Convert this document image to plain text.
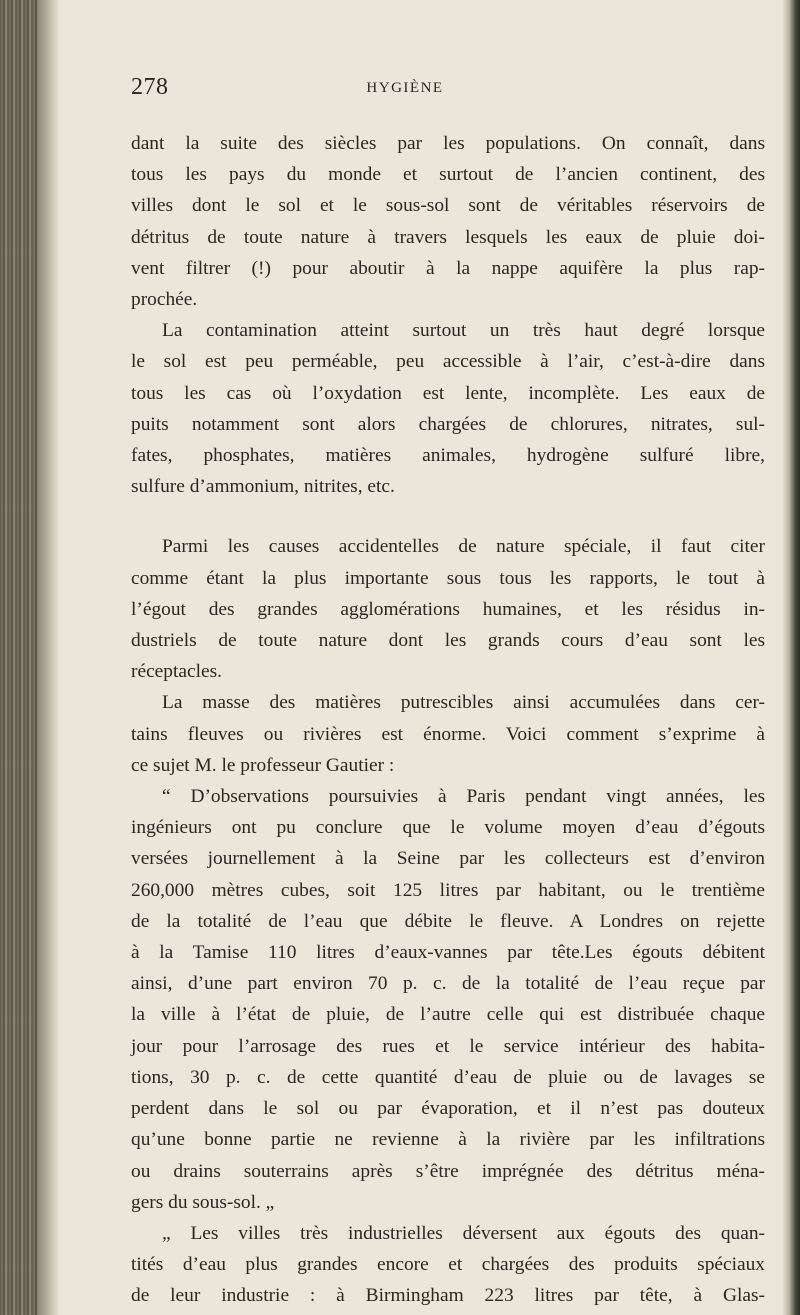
278	HYGIÈNE
dant la suite des siècles par les populations. On connaît, dans
tous les pays du monde et surtout de l’ancien continent, des
villes dont le sol et le sous-sol sont de véritables réservoirs de
détritus de toute nature à travers lesquels les eaux de pluie doi-
vent filtrer (!) pour aboutir à la nappe aquifère la plus rap-
prochée.
La contamination atteint surtout un très haut degré lorsque
le sol est peu perméable, peu accessible à l’air, c’est-à-dire dans
tous les cas où l’oxydation est lente, incomplète. Les eaux de
puits notamment sont alors chargées de chlorures, nitrates, sul-
fates, phosphates, matières animales, hydrogène sulfuré libre,
sulfure d’ammonium, nitrites, etc.
Parmi les causes accidentelles de nature spéciale, il faut citer
comme étant la plus importante sous tous les rapports, le tout à
l’égout des grandes agglomérations humaines, et les résidus in-
dustriels de toute nature dont les grands cours d’eau sont les
réceptacles.
La masse des matières putrescibles ainsi accumulées dans cer-
tains fleuves ou rivières est énorme. Voici comment s’exprime à
ce sujet M. le professeur Gautier :
“ D’observations poursuivies à Paris pendant vingt années, les
ingénieurs ont pu conclure que le volume moyen d’eau d’égouts
versées journellement à la Seine par les collecteurs est d’environ
260,000 mètres cubes, soit 125 litres par habitant, ou le trentième
de la totalité de l’eau que débite le fleuve. A Londres on rejette
à la Tamise 110 litres d’eaux-vannes par tête.Les égouts débitent
ainsi, d’une part environ 70 p. c. de la totalité de l’eau reçue par
la ville à l’état de pluie, de l’autre celle qui est distribuée chaque
jour pour l’arrosage des rues et le service intérieur des habita-
tions, 30 p. c. de cette quantité d’eau de pluie ou de lavages se
perdent dans le sol ou par évaporation, et il n’est pas douteux
qu’une bonne partie ne revienne à la rivière par les infiltrations
ou drains souterrains après s’être imprégnée des détritus ména-
gers du sous-sol. „
„ Les villes très industrielles déversent aux égouts des quan-
tités d’eau plus grandes encore et chargées des produits spéciaux
de leur industrie : à Birmingham 223 litres par tête, à Glas-
